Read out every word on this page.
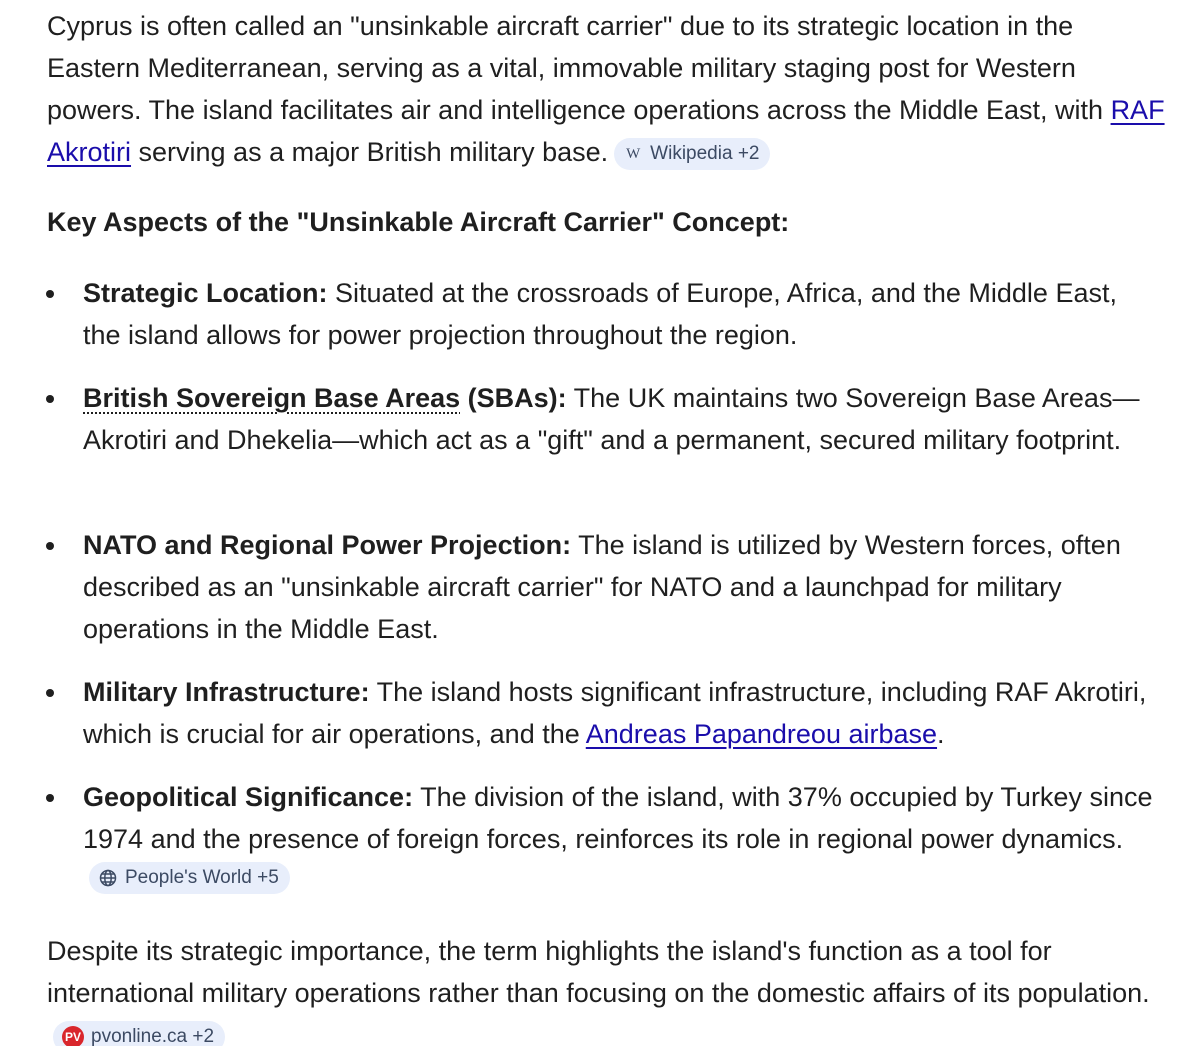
Cyprus is often called an "unsinkable aircraft carrier" due to its strategic location in the Eastern Mediterranean, serving as a vital, immovable military staging post for Western powers. The island facilitates air and intelligence operations across the Middle East, with RAF Akrotiri serving as a major British military base. W Wikipedia +2

Key Aspects of the "Unsinkable Aircraft Carrier" Concept:

Strategic Location: Situated at the crossroads of Europe, Africa, and the Middle East, the island allows for power projection throughout the region.
British Sovereign Base Areas (SBAs): The UK maintains two Sovereign Base Areas—Akrotiri and Dhekelia—which act as a "gift" and a permanent, secured military footprint.
NATO and Regional Power Projection: The island is utilized by Western forces, often described as an "unsinkable aircraft carrier" for NATO and a launchpad for military operations in the Middle East.
Military Infrastructure: The island hosts significant infrastructure, including RAF Akrotiri, which is crucial for air operations, and the Andreas Papandreou airbase.
Geopolitical Significance: The division of the island, with 37% occupied by Turkey since 1974 and the presence of foreign forces, reinforces its role in regional power dynamics.
People's World +5

Despite its strategic importance, the term highlights the island's function as a tool for international military operations rather than focusing on the domestic affairs of its population.
PV pvonline.ca +2
